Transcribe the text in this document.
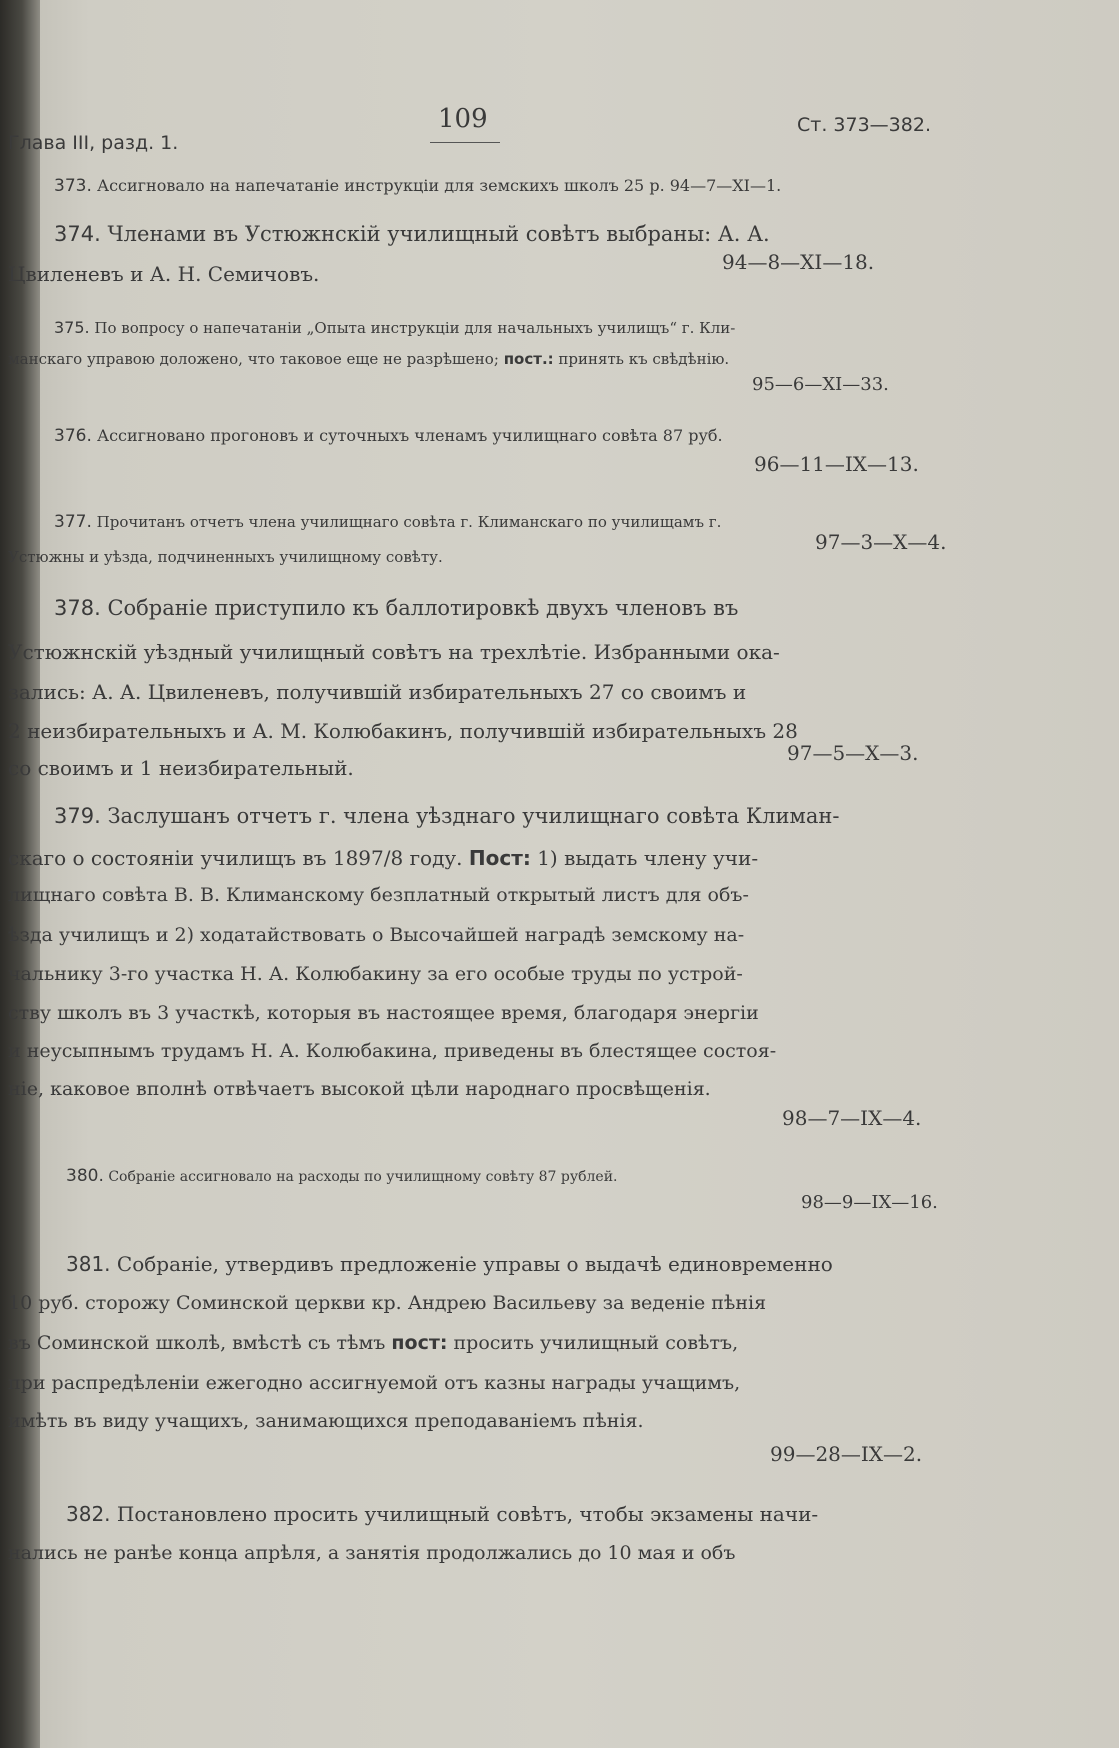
Глава III, разд. 1.
109	Ст. 373—382.
373. Ассигновало на напечатаніе инструкціи для земскихъ школъ 25 р. 94—7—XI—1.
374. Членами въ Устюжнскій училищный совѣтъ выбраны: А. А.
Цвиленевъ и А. Н. Семичовъ.	94—8—XI—18.
375. По вопросу о напечатаніи „Опыта инструкціи для начальныхъ училищъ“ г. Кли-
манскаго управою доложено, что таковое еще не разрѣшено; пост.: принять къ свѣдѣнію.
95—6—XI—33.
376. Ассигновано прогоновъ и суточныхъ членамъ училищнаго совѣта 87 руб.
96—11—IX—13.
377. Прочитанъ отчетъ члена училищнаго совѣта г. Климанскаго по училищамъ г.
Устюжны и уѣзда, подчиненныхъ училищному совѣту.
97—3—X—4.
378. Собраніе приступило къ баллотировкѣ двухъ членовъ въ
Устюжнскій уѣздный училищный совѣтъ на трехлѣтіе. Избранными ока-
зались: А. А. Цвиленевъ, получившій избирательныхъ 27 со своимъ и
2 неизбирательныхъ и А. М. Колюбакинъ, получившій избирательныхъ 28
со своимъ и 1 неизбирательный.
97—5—X—3.
379. Заслушанъ отчетъ г. члена уѣзднаго училищнаго совѣта Климан-
скаго о состояніи училищъ въ 1897/8 году. Пост: 1) выдать члену учи-
лищнаго совѣта В. В. Климанскому безплатный открытый листъ для объ-
ѣзда училищъ и 2) ходатайствовать о Высочайшей наградѣ земскому на-
чальнику 3-го участка Н. А. Колюбакину за его особые труды по устрой-
ству школъ въ 3 участкѣ, которыя въ настоящее время, благодаря энергіи
и неусыпнымъ трудамъ Н. А. Колюбакина, приведены въ блестящее состоя-
ніе, каковое вполнѣ отвѣчаетъ высокой цѣли народнаго просвѣщенія.
98—7—IX—4.
380. Собраніе ассигновало на расходы по училищному совѣту 87 рублей.
98—9—IX—16.
381. Собраніе, утвердивъ предложеніе управы о выдачѣ единовременно
10 руб. сторожу Соминской церкви кр. Андрею Васильеву за веденіе пѣнія
въ Соминской школѣ, вмѣстѣ съ тѣмъ пост: просить училищный совѣтъ,
при распредѣленіи ежегодно ассигнуемой отъ казны награды учащимъ,
имѣть въ виду учащихъ, занимающихся преподаваніемъ пѣнія.
99—28—IX—2.
382. Постановлено просить училищный совѣтъ, чтобы экзамены начи-
нались не ранѣе конца апрѣля, а занятія продолжались до 10 мая и объ
